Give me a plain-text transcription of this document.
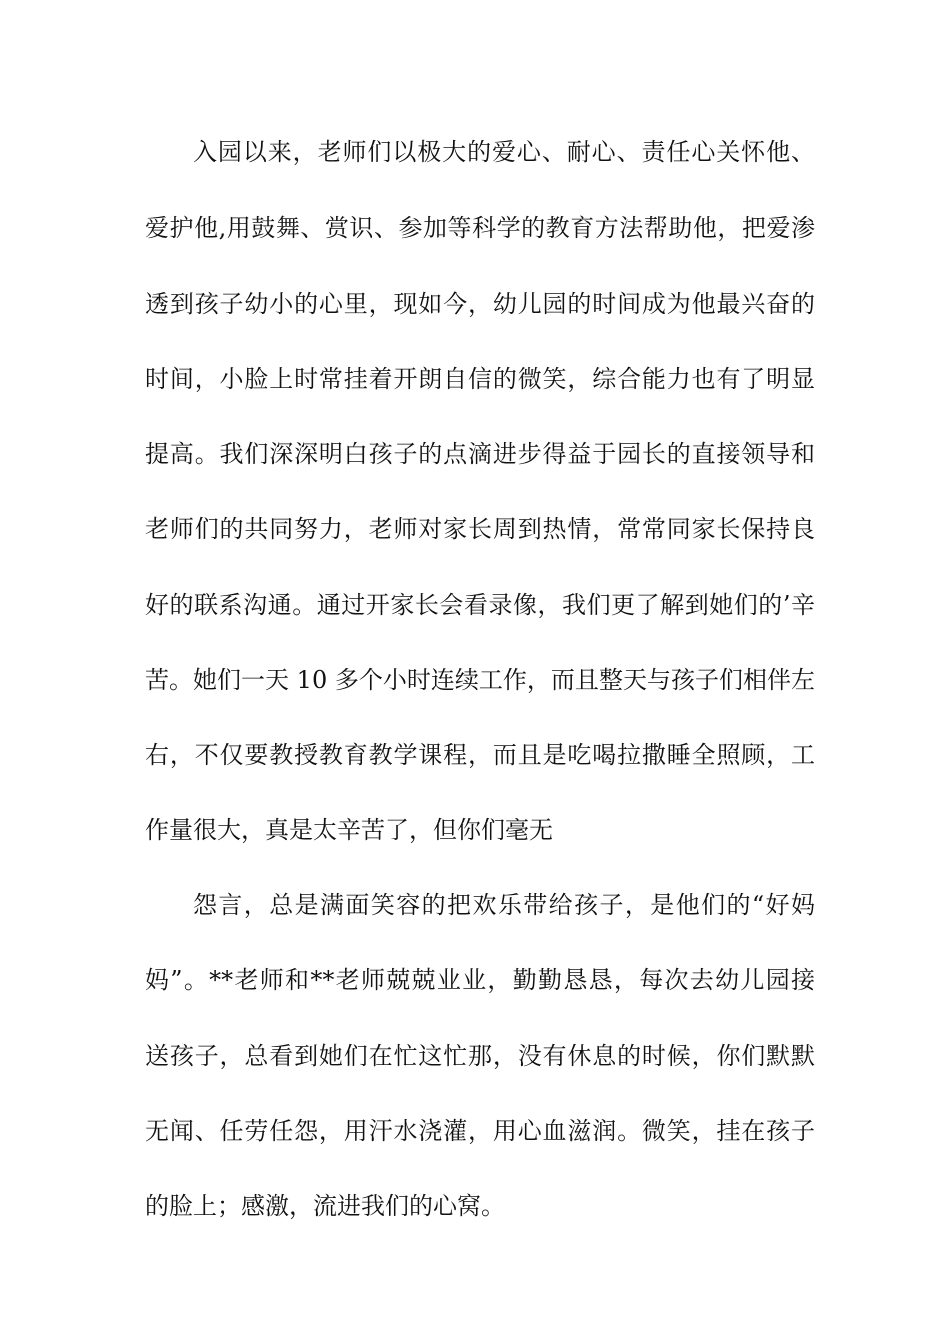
入园以来，老师们以极大的爱心、耐心、责任心关怀他、

爱护他,用鼓舞、赏识、参加等科学的教育方法帮助他，把爱渗

透到孩子幼小的心里，现如今，幼儿园的时间成为他最兴奋的

时间，小脸上时常挂着开朗自信的微笑，综合能力也有了明显

提高。我们深深明白孩子的点滴进步得益于园长的直接领导和

老师们的共同努力，老师对家长周到热情，常常同家长保持良

好的联系沟通。通过开家长会看录像，我们更了解到她们的’辛

苦。她们一天 10 多个小时连续工作，而且整天与孩子们相伴左

右，不仅要教授教育教学课程，而且是吃喝拉撒睡全照顾，工

作量很大，真是太辛苦了，但你们毫无

怨言，总是满面笑容的把欢乐带给孩子，是他们的“好妈

妈”。**老师和**老师兢兢业业，勤勤恳恳，每次去幼儿园接

送孩子，总看到她们在忙这忙那，没有休息的时候，你们默默

无闻、任劳任怨，用汗水浇灌，用心血滋润。微笑，挂在孩子

的脸上；感激，流进我们的心窝。
